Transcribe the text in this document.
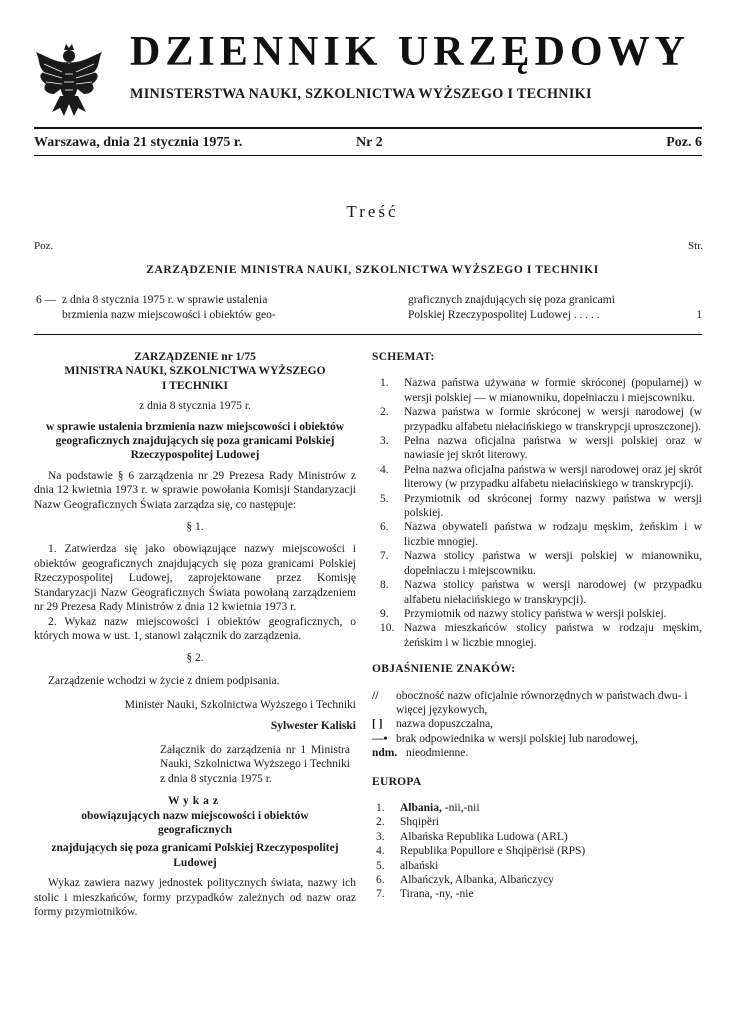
DZIENNIK URZĘDOWY
MINISTERSTWA NAUKI, SZKOLNICTWA WYŻSZEGO I TECHNIKI
Warszawa, dnia 21 stycznia 1975 r.	Nr 2	Poz. 6
Treść
Poz.	Str.
ZARZĄDZENIE MINISTRA NAUKI, SZKOLNICTWA WYŻSZEGO I TECHNIKI
6 — z dnia 8 stycznia 1975 r. w sprawie ustalenia
brzmienia nazw miejscowości i obiektów geo-
graficznych znajdujących się poza granicami
Polskiej Rzeczypospolitej Ludowej . . . . .	1

ZARZĄDZENIE nr 1/75

MINISTRA NAUKI, SZKOLNICTWA WYŻSZEGO

I TECHNIKI

z dnia 8 stycznia 1975 r.

w sprawie ustalenia brzmienia nazw miejscowości i obiektów geograficznych znajdujących się poza granicami Polskiej Rzeczypospolitej Ludowej

Na podstawie § 6 zarządzenia nr 29 Prezesa Rady Ministrów z dnia 12 kwietnia 1973 r. w sprawie powołania Komisji Standaryzacji Nazw Geograficznych Świata zarządza się, co następuje:

§ 1.

1. Zatwierdza się jako obowiązujące nazwy miejscowości i obiektów geograficznych znajdujących się poza granicami Polskiej Rzeczypospolitej Ludowej, zaprojektowane przez Komisję Standaryzacji Nazw Geograficznych Świata powołaną zarządzeniem nr 29 Prezesa Rady Ministrów z dnia 12 kwietnia 1973 r.

2. Wykaz nazw miejscowości i obiektów geograficznych, o których mowa w ust. 1, stanowi załącznik do zarządzenia.

§ 2.

Zarządzenie wchodzi w życie z dniem podpisania.

Minister Nauki, Szkolnictwa Wyższego i Techniki

Sylwester Kaliski

Załącznik do zarządzenia nr 1 Ministra Nauki, Szkolnictwa Wyższego i Techniki z dnia 8 stycznia 1975 r.

Wykaz

obowiązujących nazw miejscowości i obiektów geograficznych

znajdujących się poza granicami Polskiej Rzeczypospolitej Ludowej

Wykaz zawiera nazwy jednostek politycznych świata, nazwy ich stolic i mieszkańców, formy przypadków zależnych od nazw oraz formy przymiotników.

SCHEMAT:

1.	Nazwa państwa używana w formie skróconej (popularnej) w wersji polskiej — w mianowniku, dopełniaczu i miejscowniku.
2.	Nazwa państwa w formie skróconej w wersji narodowej (w przypadku alfabetu niełacińskiego w transkrypcji uproszczonej).
3.	Pełna nazwa oficjalna państwa w wersji polskiej oraz w nawiasie jej skrót literowy.
4.	Pełna nazwa oficjalna państwa w wersji narodowej oraz jej skrót literowy (w przypadku alfabetu niełacińskiego w transkrypcji).
5.	Przymiotnik od skróconej formy nazwy państwa w wersji polskiej.
6.	Nazwa obywateli państwa w rodzaju męskim, żeńskim i w liczbie mnogiej.
7.	Nazwa stolicy państwa w wersji polskiej w mianowniku, dopełniaczu i miejscowniku.
8.	Nazwa stolicy państwa w wersji narodowej (w przypadku alfabetu niełacińskiego w transkrypcji).
9.	Przymiotnik od nazwy stolicy państwa w wersji polskiej.
10. Nazwa mieszkańców stolicy państwa w rodzaju męskim, żeńskim i w liczbie mnogiej.

OBJAŚNIENIE ZNAKÓW:

//	oboczność nazw oficjalnie równorzędnych w państwach dwu- i więcej językowych,
[ ]	nazwa dopuszczalna,
—• brak odpowiednika w wersji polskiej lub narodowej,
ndm. nieodmienne.

EUROPA

1.	Albania, -nii,-nii
2.	Shqipëri
3.	Albańska Republika Ludowa (ARL)
4.	Republika Popullore e Shqipërisë (RPS)
5.	albański
6.	Albańczyk, Albanka, Albańczycy
7.	Tirana, -ny, -nie
